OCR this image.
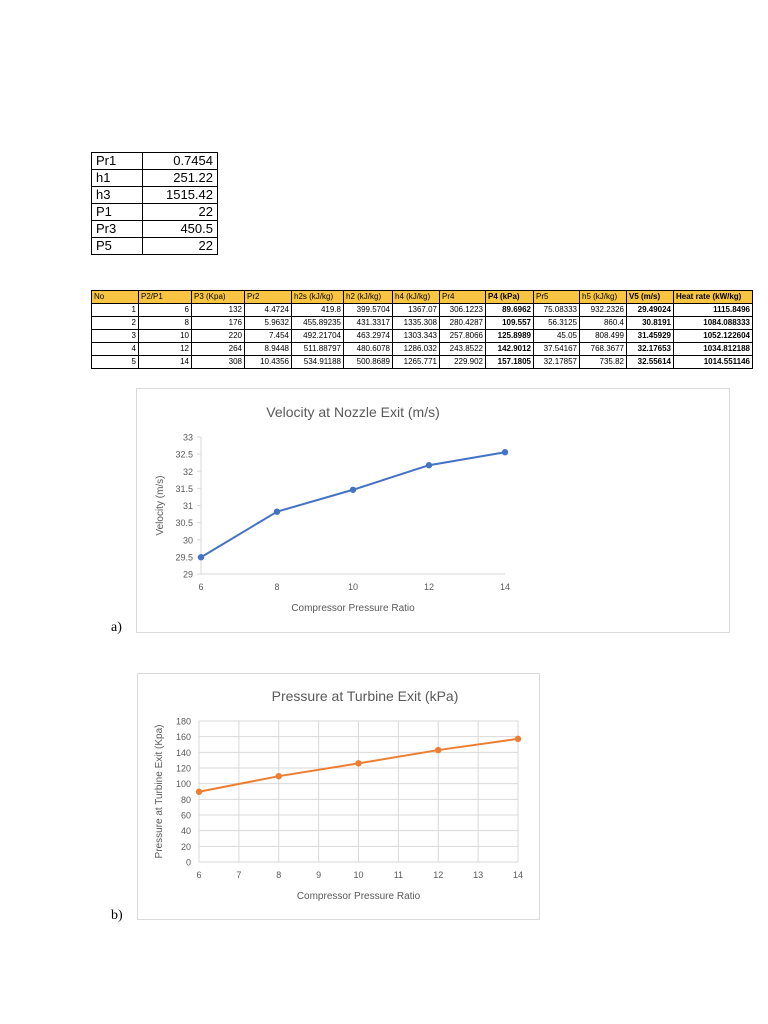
Pr1	0.7454
h1	251.22
h3	1515.42
P1	22
Pr3	450.5
P5	22
No	P2/P1	P3 (Kpa)	Pr2	h2s (kJ/kg)	h2 (kJ/kg)	h4 (kJ/kg)	Pr4	P4 (kPa)	Pr5	h5 (kJ/kg)	V5 (m/s)	Heat rate (kW/kg)
1	6	132	4.4724	419.8	399.5704	1367.07	306.1223	89.6962	75.08333	932.2326	29.49024	1115.8496
2	8	176	5.9632	455.89235	431.3317	1335.308	280.4287	109.557	56.3125	860.4	30.8191	1084.088333
3	10	220	7.454	492.21704	463.2974	1303.343	257.8066	125.8989	45.05	808.499	31.45929	1052.122604
4	12	264	8.9448	511.88797	480.6078	1286.032	243.8522	142.9012	37.54167	768.3677	32.17653	1034.812188
5	14	308	10.4356	534.91188	500.8689	1265.771	229.902	157.1805	32.17857	735.82	32.55614	1014.551146
Velocity at Nozzle Exit (m/s)
29
29.5
30
30.5
31
31.5
32
32.5
33
6	8	10	12	14
Compressor Pressure Ratio
Velocity (m/s)
a)
Pressure at Turbine Exit (kPa)
0
20
40
60
80
100
120
140
160
180
6	7	8	9	10	11	12	13	14
Compressor Pressure Ratio
Pressure at Turbine Exit (Kpa)
b)
